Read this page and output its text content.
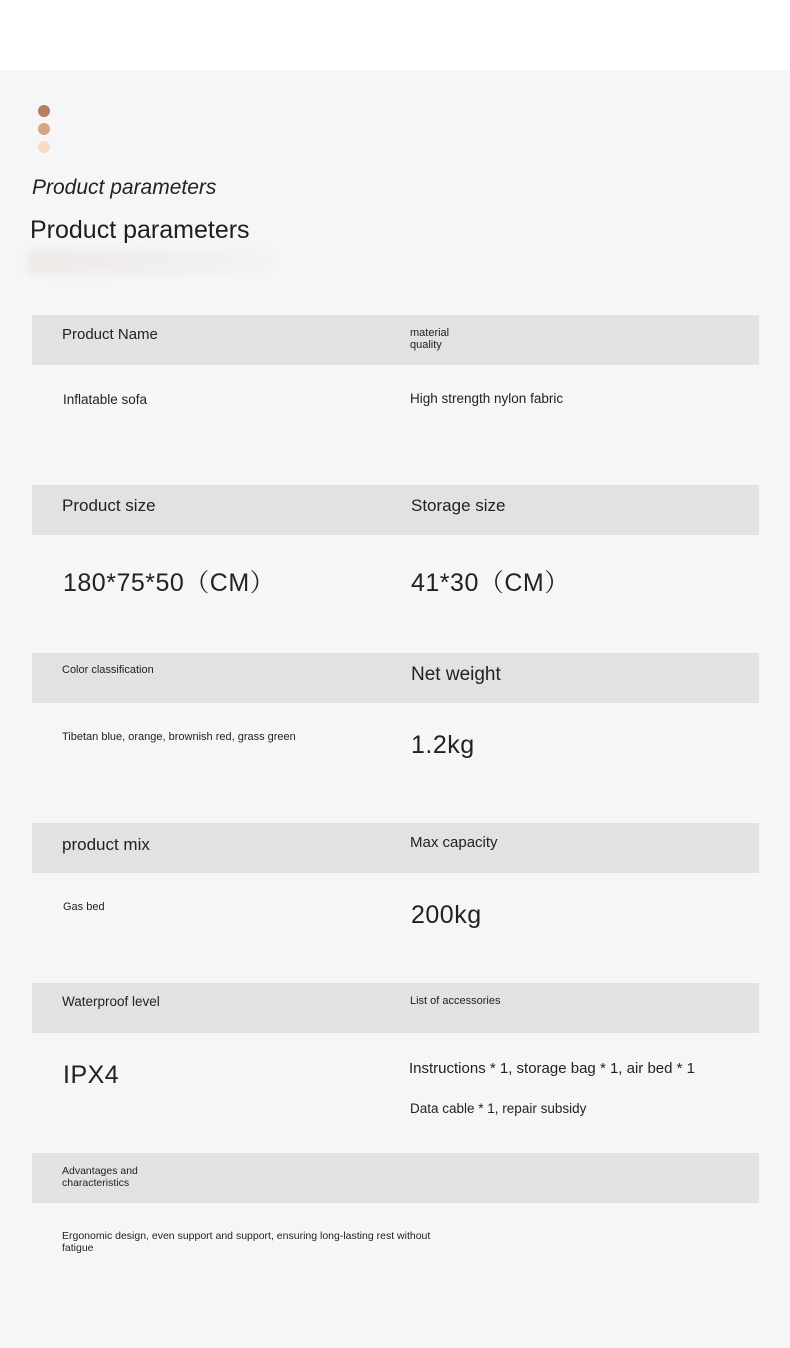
Product parameters
Product parameters
Product Name	material quality
Inflatable sofa	High strength nylon fabric
Product size	Storage size
180*75*50（CM）	41*30（CM）
Color classification	Net weight
Tibetan blue, orange, brownish red, grass green	1.2kg
product mix	Max capacity
Gas bed	200kg
Waterproof level	List of accessories
IPX4	Instructions * 1, storage bag * 1, air bed * 1
Data cable * 1, repair subsidy
Advantages and characteristics
Ergonomic design, even support and support, ensuring long-lasting rest without fatigue
